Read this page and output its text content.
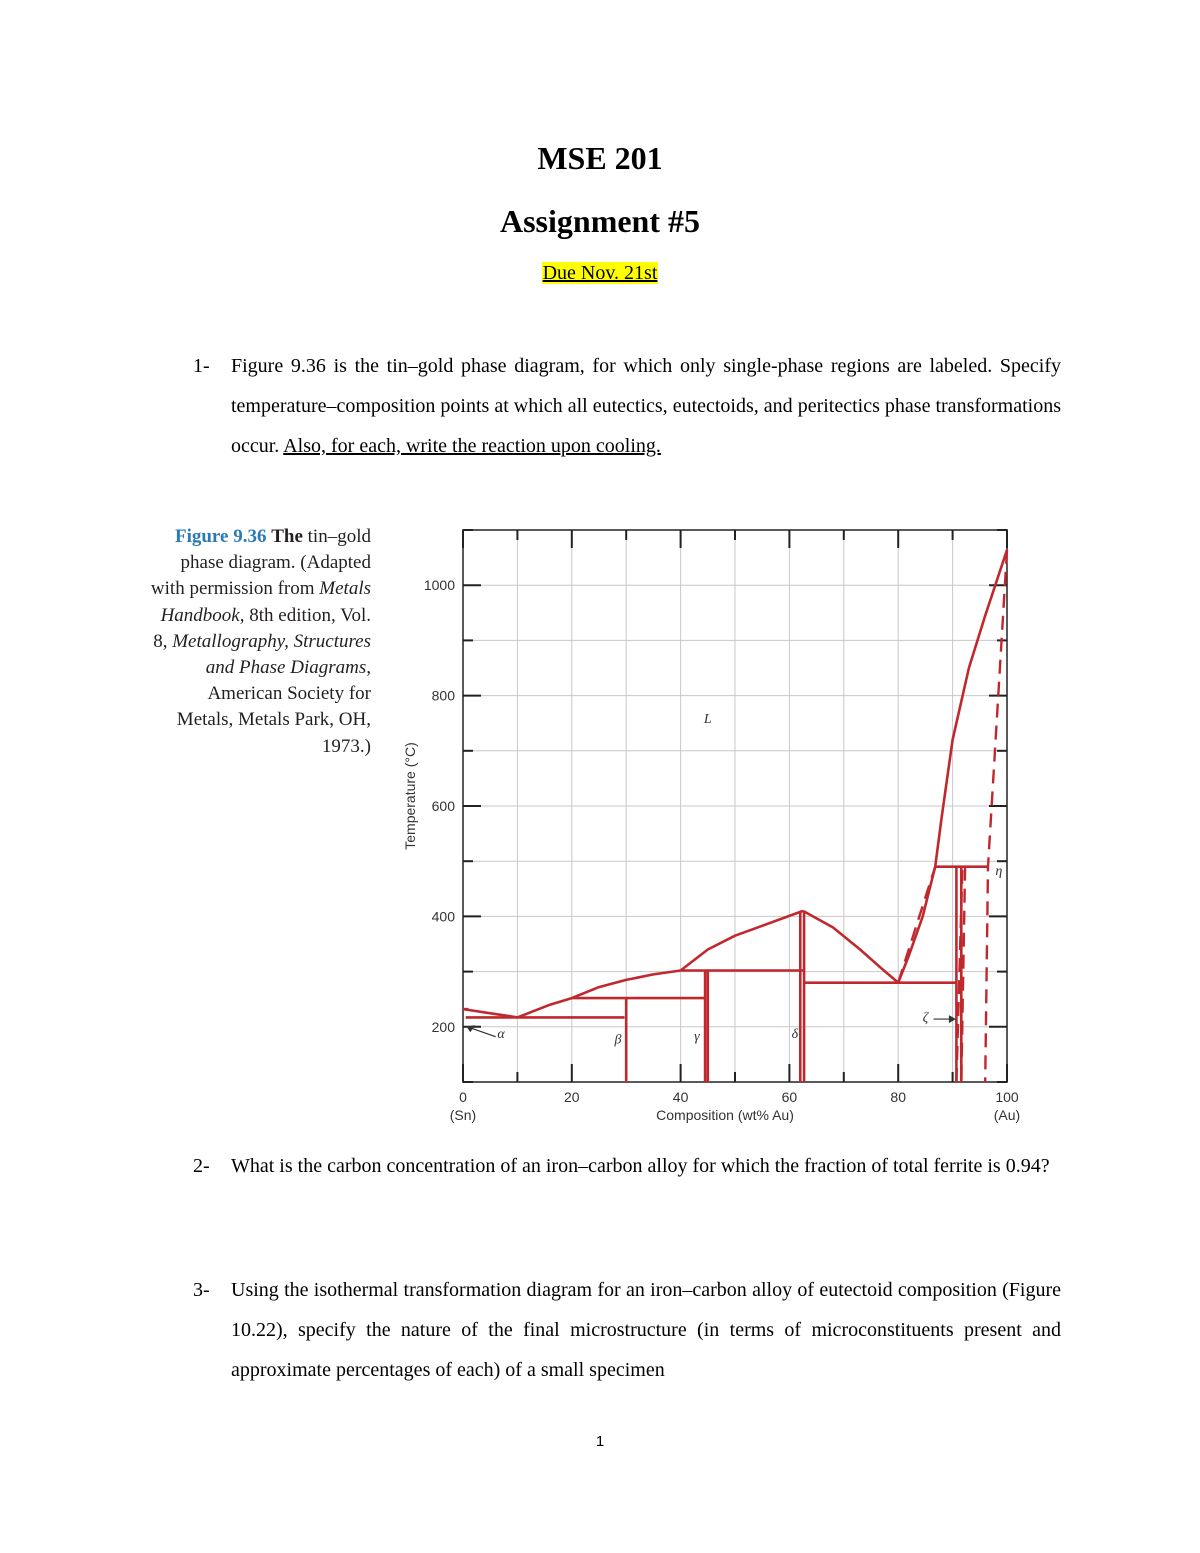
MSE 201
Assignment #5
Due Nov. 21st
1- Figure 9.36 is the tin–gold phase diagram, for which only single-phase regions are labeled. Specify temperature–composition points at which all eutectics, eutectoids, and peritectics phase transformations occur. Also, for each, write the reaction upon cooling.
Figure 9.36 The tin–gold phase diagram. (Adapted with permission from Metals Handbook, 8th edition, Vol. 8, Metallography, Structures and Phase Diagrams, American Society for Metals, Metals Park, OH, 1973.)
0	20	40	60	80	100
200
400
600
800
1000
(Sn)	(Au)
Composition (wt% Au)
Temperature (°C)
L
α	β	γ	δ
ζ
η
2- What is the carbon concentration of an iron–carbon alloy for which the fraction of total ferrite is 0.94?
3- Using the isothermal transformation diagram for an iron–carbon alloy of eutectoid composition (Figure 10.22), specify the nature of the final microstructure (in terms of microconstituents present and approximate percentages of each) of a small specimen
1
